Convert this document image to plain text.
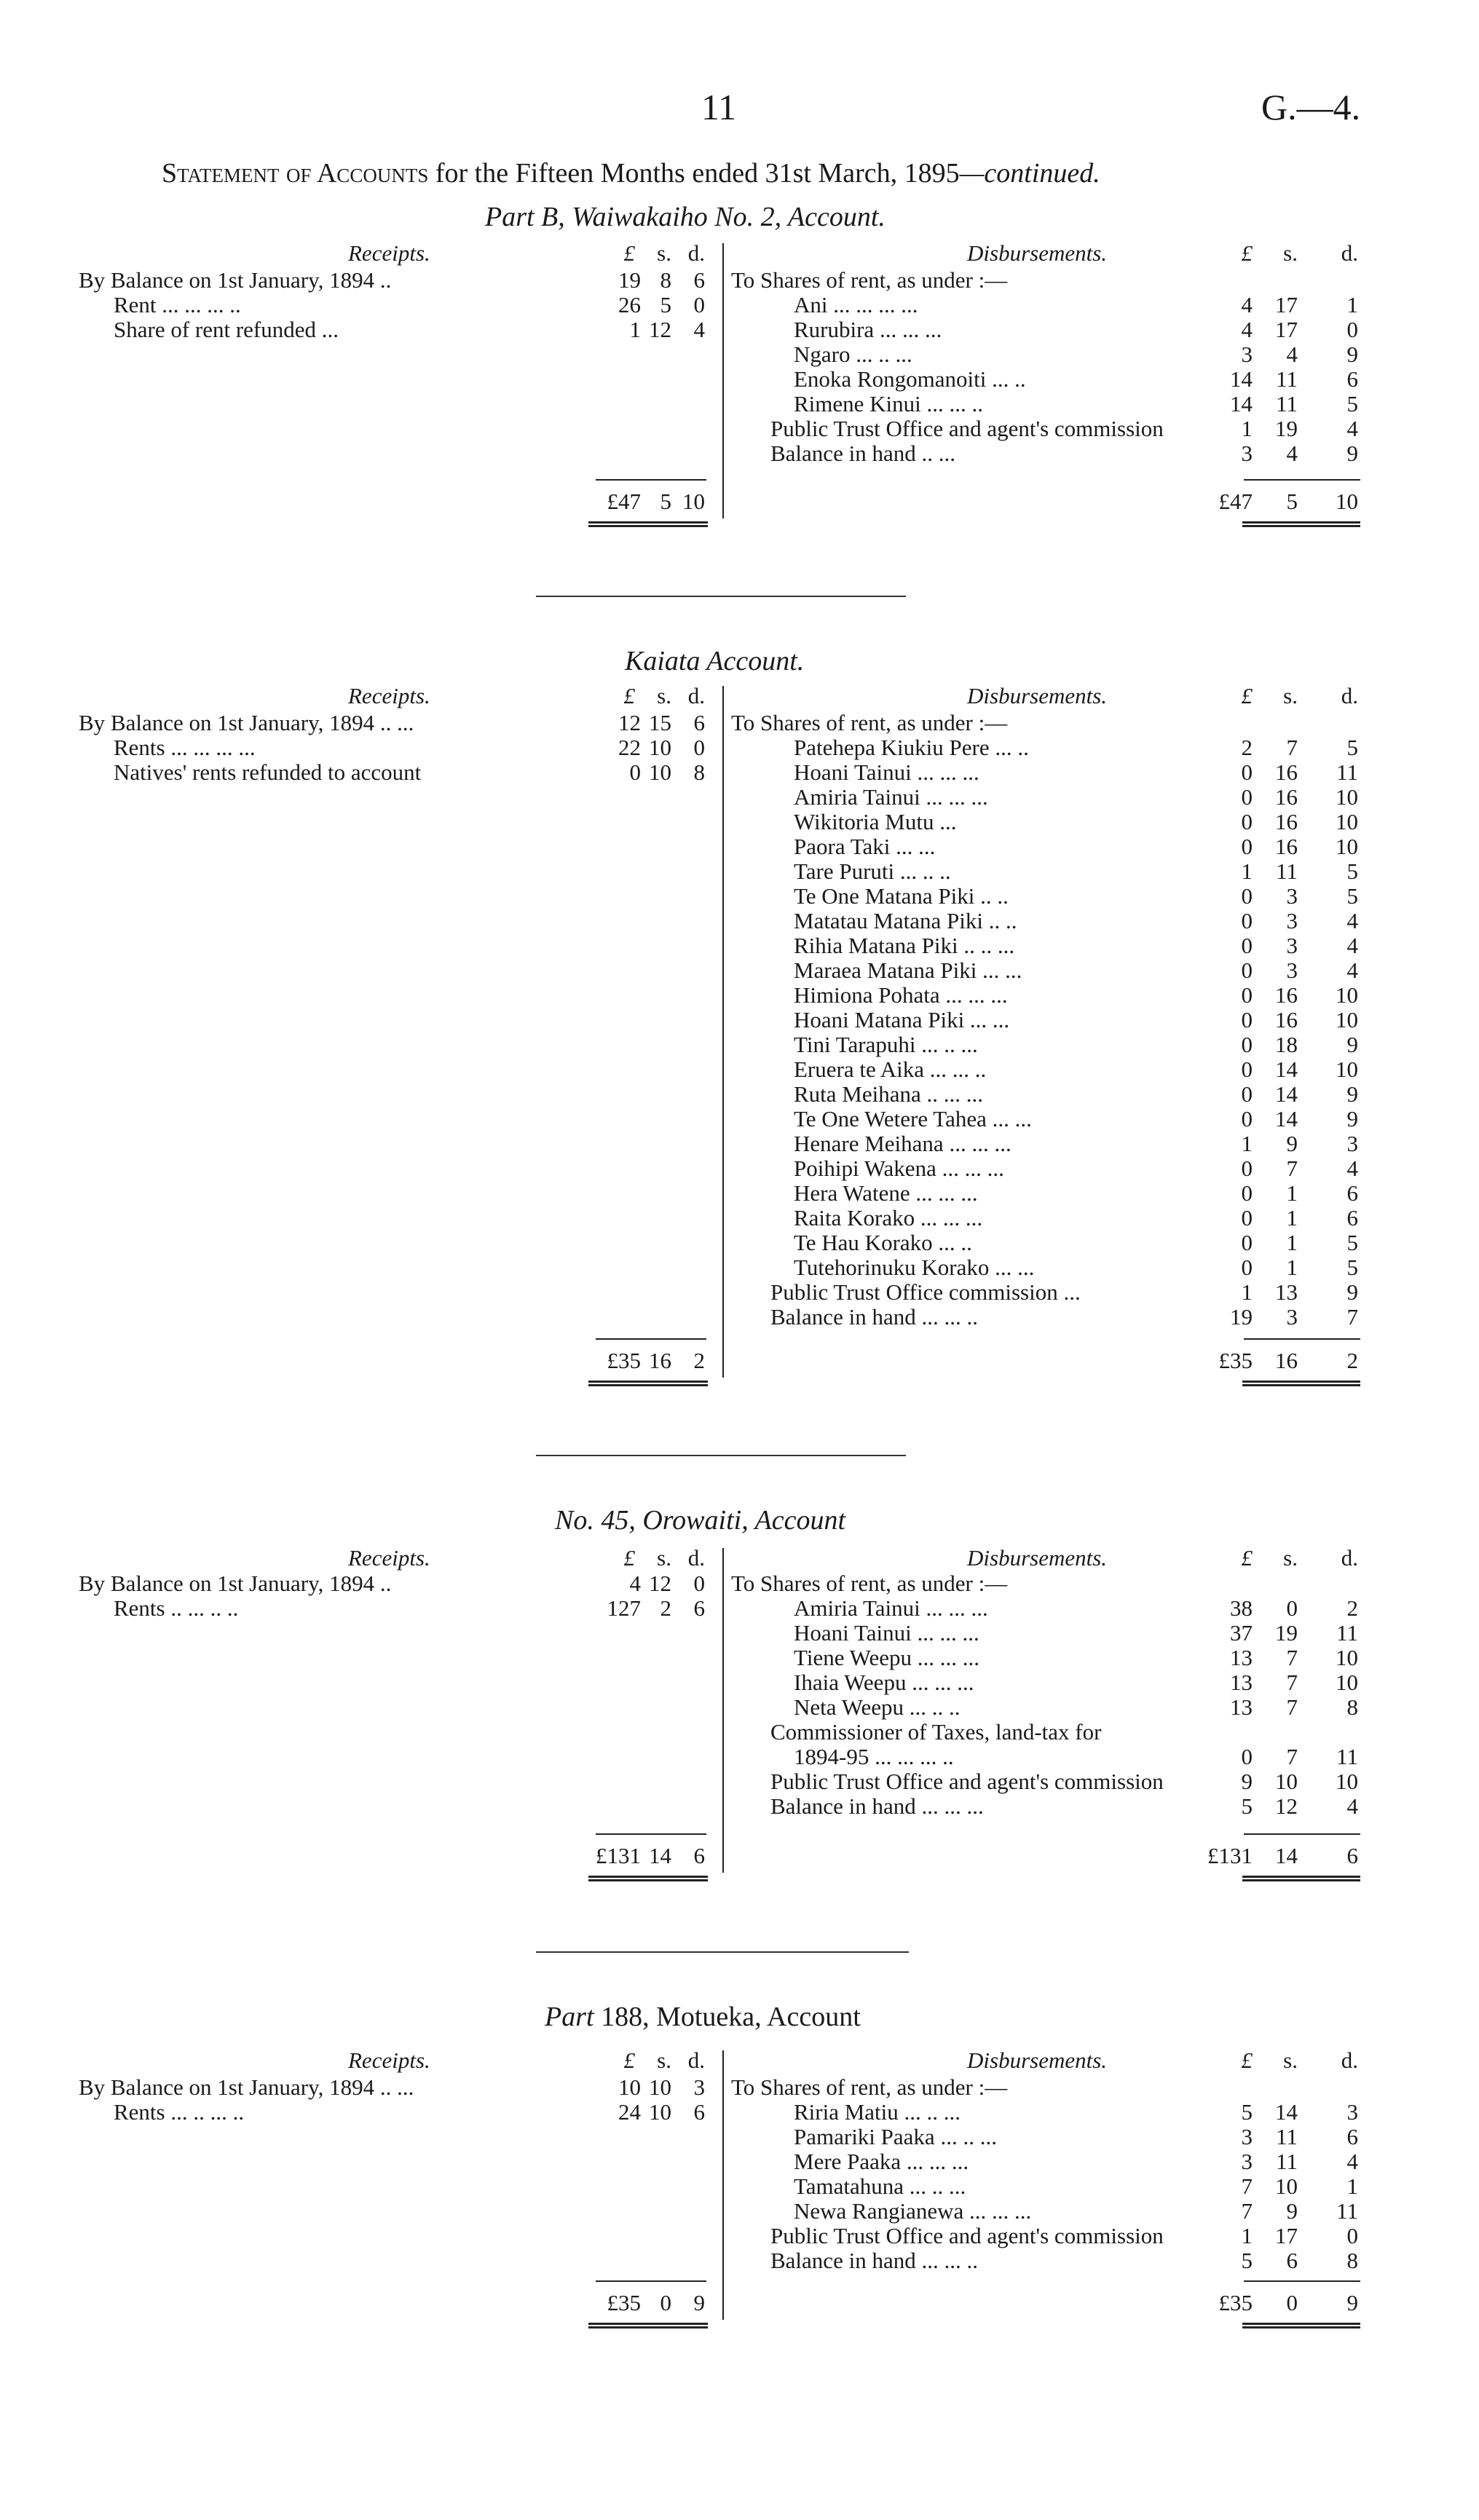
11	G.—4.
Statement of Accounts for the Fifteen Months ended 31st March, 1895—continued.
Part B, Waiwakaiho No. 2, Account.
Receipts.	£ s. d.	Disbursements.	£ s. d.
By Balance on 1st January, 1894 ..	19 8 6
Rent ... ... ... ..	26 5 0
Share of rent refunded ...	1 12 4
To Shares of rent, as under :—
Ani ... ... ... ...	4 17 1
Rurubira ... ... ...	4 17 0
Ngaro ... .. ...	3 4 9
Enoka Rongomanoiti ... ..	14 11 6
Rimene Kinui ... ... ..	14 11 5
Public Trust Office and agent's commission	1 19 4
Balance in hand .. ...	3 4 9
£47 5 10	£47 5 10
Kaiata Account.
Receipts.	£ s. d.	Disbursements.	£ s. d.
By Balance on 1st January, 1894 .. ...	12 15 6
Rents ... ... ... ...	22 10 0
Natives' rents refunded to account	0 10 8
To Shares of rent, as under :—
Patehepa Kiukiu Pere ... ..	2 7 5
Hoani Tainui ... ... ...	0 16 11
Amiria Tainui ... ... ...	0 16 10
Wikitoria Mutu ...	0 16 10
Paora Taki ... ...	0 16 10
Tare Puruti ... .. ..	1 11 5
Te One Matana Piki .. ..	0 3 5
Matatau Matana Piki .. ..	0 3 4
Rihia Matana Piki .. .. ...	0 3 4
Maraea Matana Piki ... ...	0 3 4
Himiona Pohata ... ... ...	0 16 10
Hoani Matana Piki ... ...	0 16 10
Tini Tarapuhi ... .. ...	0 18 9
Eruera te Aika ... ... ..	0 14 10
Ruta Meihana .. ... ...	0 14 9
Te One Wetere Tahea ... ...	0 14 9
Henare Meihana ... ... ...	1 9 3
Poihipi Wakena ... ... ...	0 7 4
Hera Watene ... ... ...	0 1 6
Raita Korako ... ... ...	0 1 6
Te Hau Korako ... ..	0 1 5
Tutehorinuku Korako ... ...	0 1 5
Public Trust Office commission ...	1 13 9
Balance in hand ... ... ..	19 3 7
£35 16 2	£35 16 2
No. 45, Orowaiti, Account
Receipts.	£ s. d.	Disbursements.	£ s. d.
By Balance on 1st January, 1894 ..	4 12 0
Rents .. ... .. ..	127 2 6
To Shares of rent, as under :—
Amiria Tainui ... ... ...	38 0 2
Hoani Tainui ... ... ...	37 19 11
Tiene Weepu ... ... ...	13 7 10
Ihaia Weepu ... ... ...	13 7 10
Neta Weepu ... .. ..	13 7 8
Commissioner of Taxes, land-tax for
1894-95 ... ... ... ..	0 7 11
Public Trust Office and agent's commission	9 10 10
Balance in hand ... ... ...	5 12 4
£131 14 6	£131 14 6
Part 188, Motueka, Account
Receipts.	£ s. d.	Disbursements.	£ s. d.
By Balance on 1st January, 1894 .. ...	10 10 3
Rents ... .. ... ..	24 10 6
To Shares of rent, as under :—
Riria Matiu ... .. ...	5 14 3
Pamariki Paaka ... .. ...	3 11 6
Mere Paaka ... ... ...	3 11 4
Tamatahuna ... .. ...	7 10 1
Newa Rangianewa ... ... ...	7 9 11
Public Trust Office and agent's commission	1 17 0
Balance in hand ... ... ..	5 6 8
£35 0 9	£35 0 9
